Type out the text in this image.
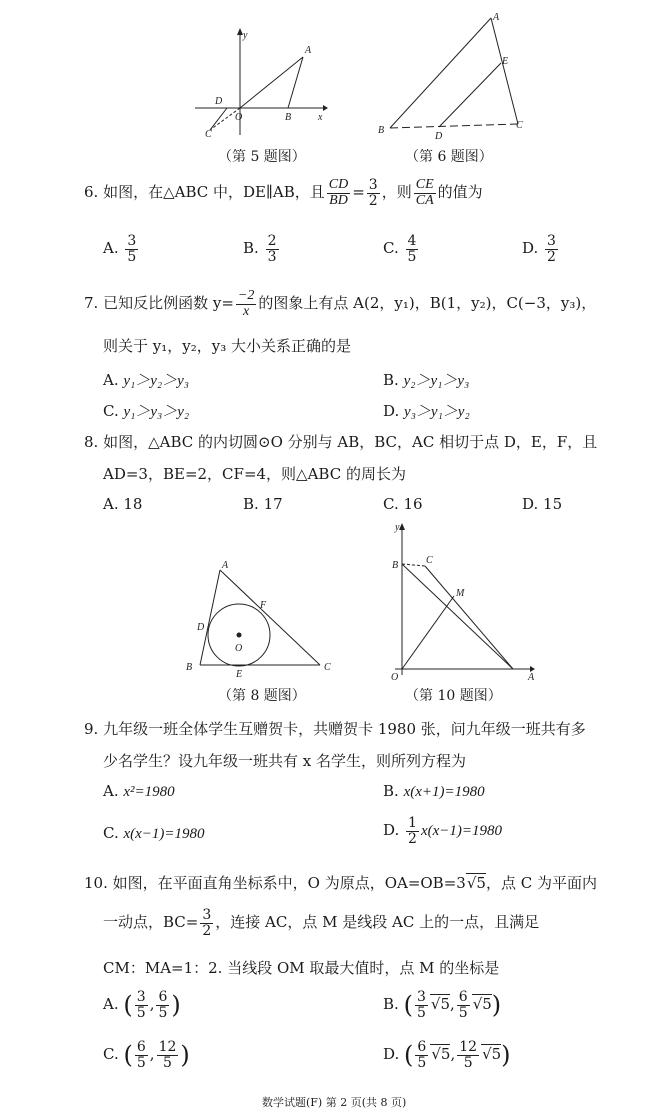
y
A
D
O	B	x
C
（第 5 题图）
A
E
B
D
C
（第 6 题图）
6. 如图，在△ABC 中，DE∥AB，且 $\frac{CD}{BD} = \frac{3}{2}$ ，则 $\frac{CE}{CA}$ 的值为
A. $\frac{3}{5}$	B. $\frac{2}{3}$	C. $\frac{4}{5}$	D. $\frac{3}{2}$
7. 已知反比例函数 $y= \frac{-2}{x}$ 的图象上有点 A(2，y₁)，B(1，y₂)，C(−3，y₃)，
则关于 y₁，y₂，y₃ 大小关系正确的是
A. y₁＞y₂＞y₃	B. y₂＞y₁＞y₃
C. y₁＞y₃＞y₂	D. y₃＞y₁＞y₂
8. 如图，△ABC 的内切圆⊙O 分别与 AB，BC，AC 相切于点 D，E，F，且
AD=3，BE=2，CF=4，则△ABC 的周长为
A. 18	B. 17	C. 16	D. 15
A
F
D
O
B
E
C
（第 8 题图）
y
B	C
M
O	A
（第 10 题图）
9. 九年级一班全体学生互赠贺卡，共赠贺卡 1980 张，问九年级一班共有多
少名学生？设九年级一班共有 x 名学生，则所列方程为
A. x²=1980	B. x(x+1)=1980
C. x(x−1)=1980	D. $\frac{1}{2} x(x-1)=1980$
10. 如图，在平面直角坐标系中，O 为原点，OA=OB=3√5，点 C 为平面内
一动点，$BC= \frac{3}{2}$ ，连接 AC，点 M 是线段 AC 上的一点，且满足
CM：MA=1：2. 当线段 OM 取最大值时，点 M 的坐标是
A. ( $\frac{3}{5}$ , $\frac{6}{5}$ )	B. ( $\frac{3}{5} √5$, $\frac{6}{5} √5$)
C. ( $\frac{6}{5}$ , $\frac{12}{5}$ )	D. ( $\frac{6}{5} √5$, $\frac{12}{5} √5$)
数学试题(F) 第 2 页(共 8 页)
